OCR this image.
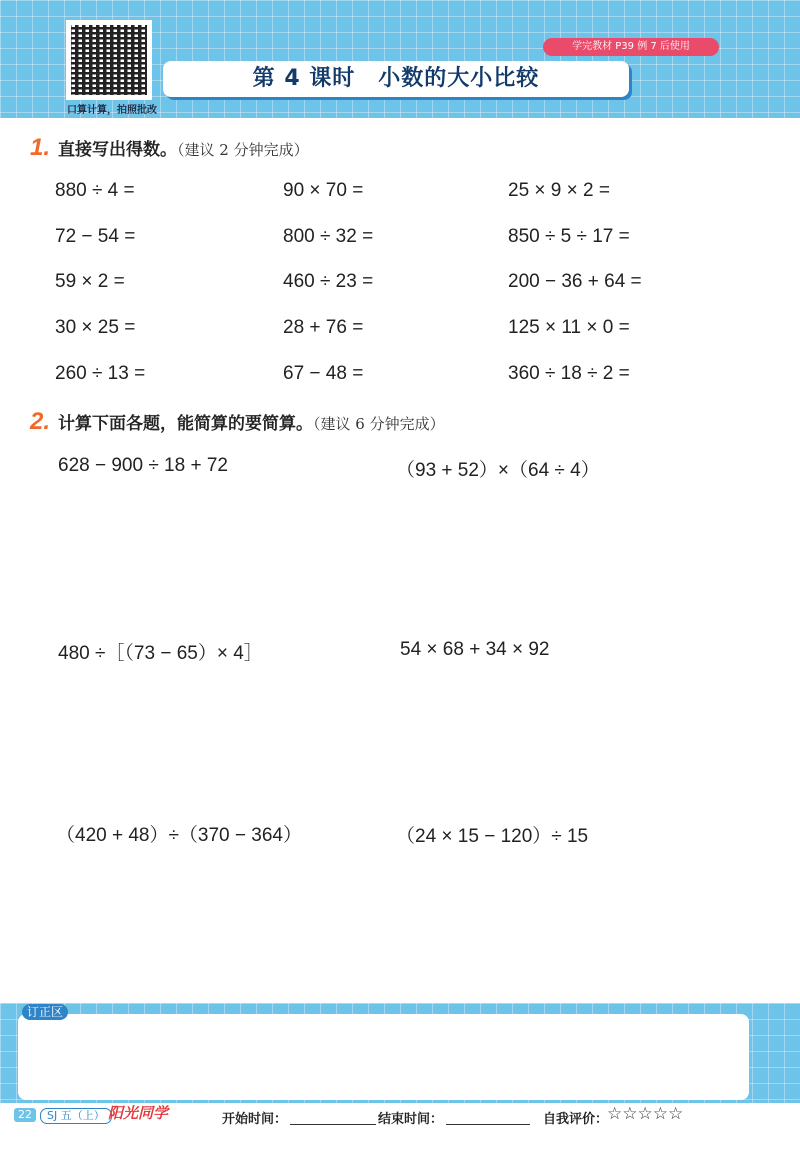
口算计算，拍照批改
学完教材 P39 例 7 后使用
第 4 课时　小数的大小比较
1. 直接写出得数。（建议 2 分钟完成）
880 ÷ 4 =	90 × 70 =	25 × 9 × 2 =
72 − 54 =	800 ÷ 32 =	850 ÷ 5 ÷ 17 =
59 × 2 =	460 ÷ 23 =	200 − 36 + 64 =
30 × 25 =	28 + 76 =	125 × 11 × 0 =
260 ÷ 13 =	67 − 48 =	360 ÷ 18 ÷ 2 =
2. 计算下面各题，能简算的要简算。（建议 6 分钟完成）
628 − 900 ÷ 18 + 72	（93 + 52）×（64 ÷ 4）
480 ÷［（73 − 65）× 4］	54 × 68 + 34 × 92
（420 + 48）÷（370 − 364）	（24 × 15 − 120）÷ 15
订正区
22	SJ 五（上） 阳光同学	开始时间：	结束时间：	自我评价：
☆☆☆☆☆
